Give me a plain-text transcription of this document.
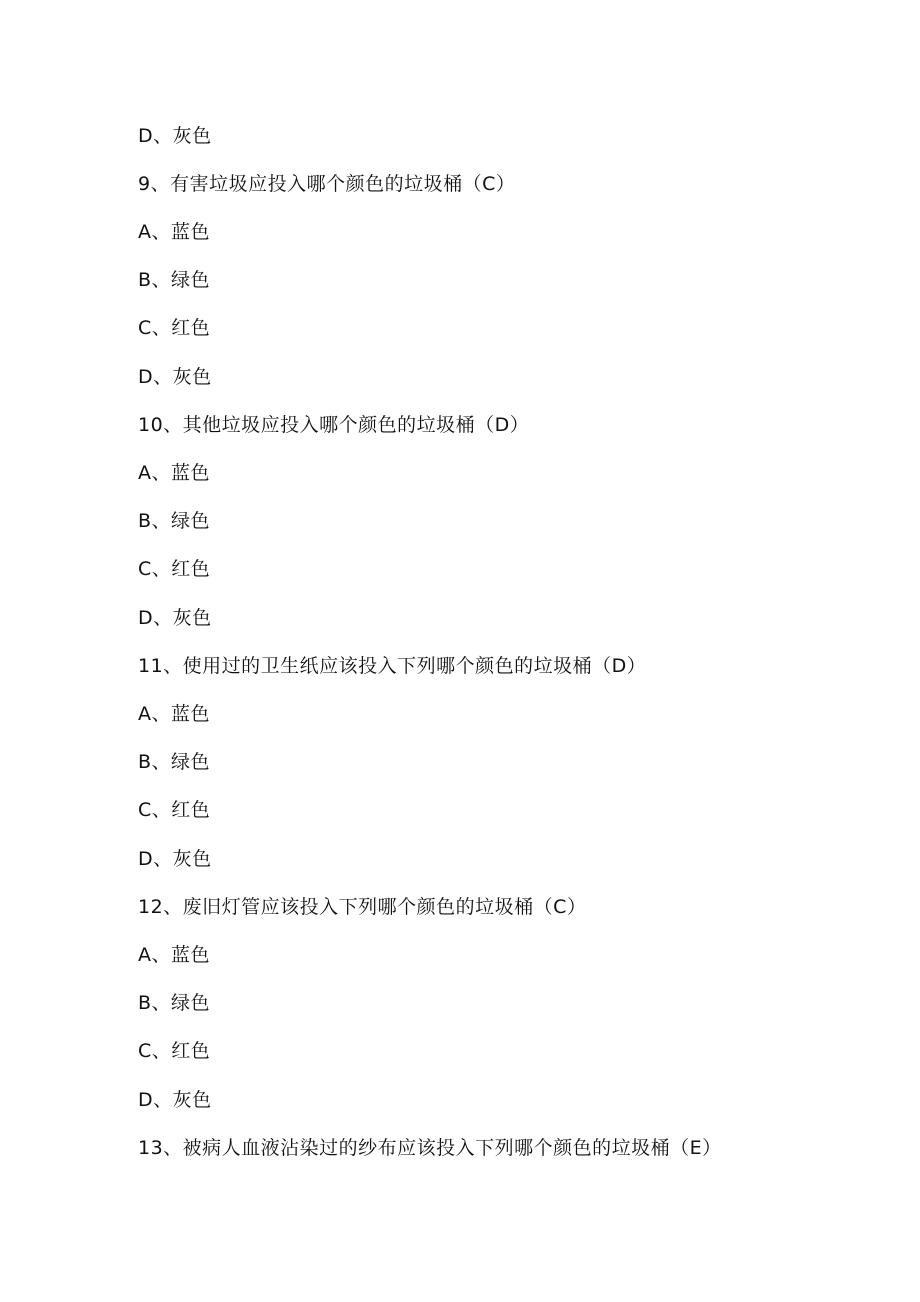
D、灰色
9、有害垃圾应投入哪个颜色的垃圾桶（C）
A、蓝色
B、绿色
C、红色
D、灰色
10、其他垃圾应投入哪个颜色的垃圾桶（D）
A、蓝色
B、绿色
C、红色
D、灰色
11、使用过的卫生纸应该投入下列哪个颜色的垃圾桶（D）
A、蓝色
B、绿色
C、红色
D、灰色
12、废旧灯管应该投入下列哪个颜色的垃圾桶（C）
A、蓝色
B、绿色
C、红色
D、灰色
13、被病人血液沾染过的纱布应该投入下列哪个颜色的垃圾桶（E）
